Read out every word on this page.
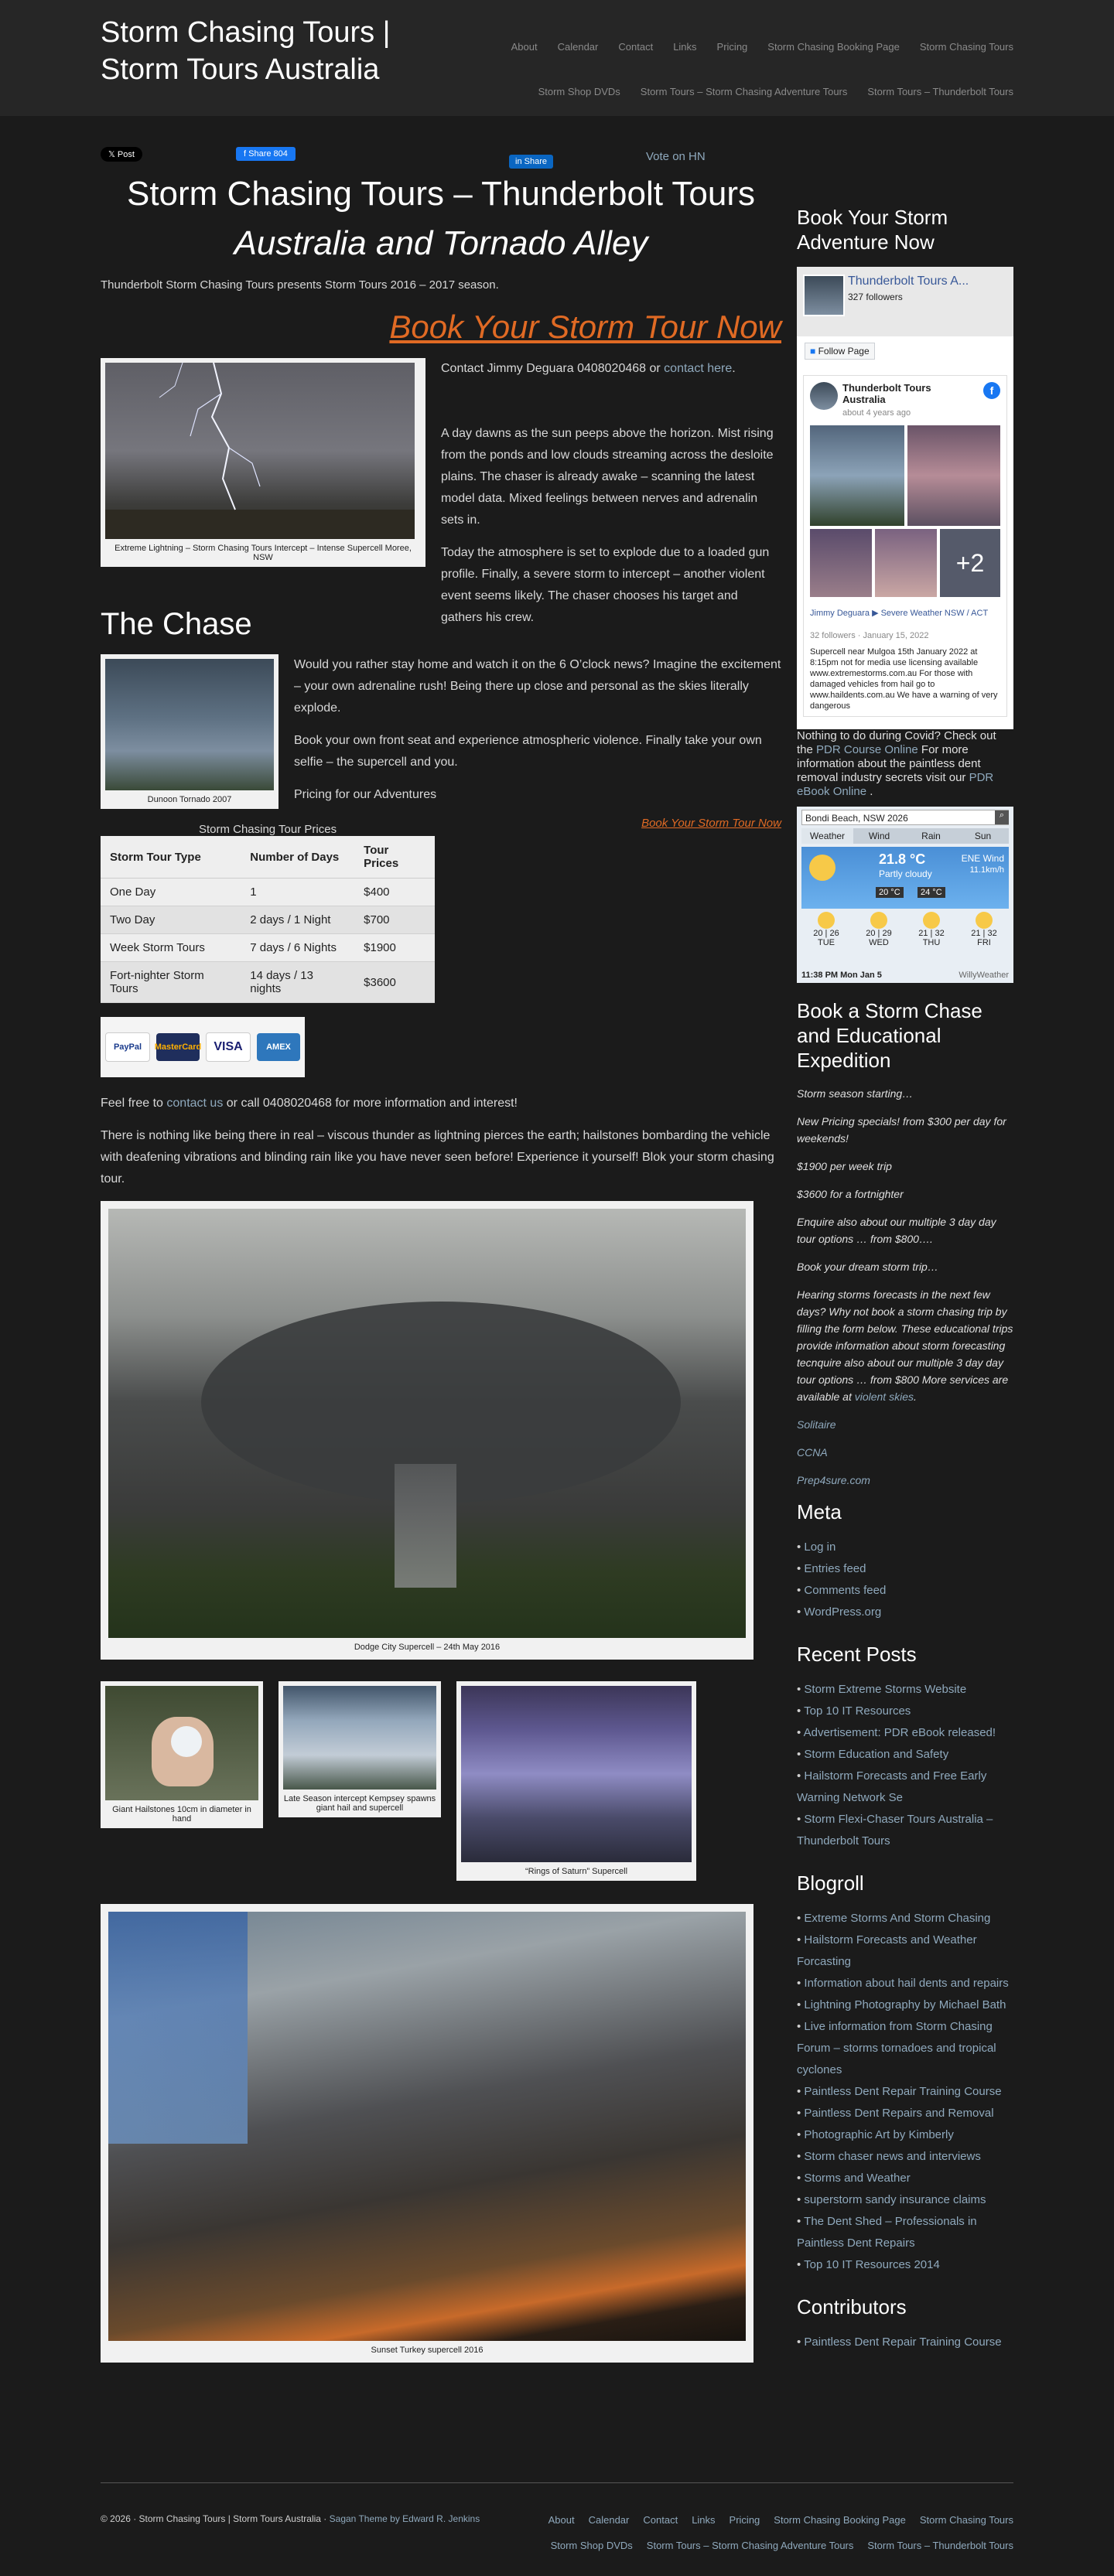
Storm Chasing Tours | Storm Tours Australia
About Calendar Contact Links Pricing Storm Chasing Booking Page Storm Chasing Tours
Storm Shop DVDs Storm Tours – Storm Chasing Adventure Tours Storm Tours – Thunderbolt Tours
𝕏 Post	f Share 804
in Share	Vote on HN
Storm Chasing Tours – Thunderbolt Tours
Australia and Tornado Alley

Thunderbolt Storm Chasing Tours presents Storm Tours 2016 – 2017 season.

Book Your Storm Tour Now
Extreme Lightning – Storm Chasing Tours Intercept – Intense Supercell Moree, NSW

Contact Jimmy Deguara 0408020468 or contact here.

A day dawns as the sun peeps above the horizon. Mist rising from the ponds and low clouds streaming across the desloite plains. The chaser is already awake – scanning the latest model data. Mixed feelings between nerves and adrenalin sets in.

Today the atmosphere is set to explode due to a loaded gun profile. Finally, a severe storm to intercept – another violent event seems likely. The chaser chooses his target and gathers his crew.

The Chase
Dunoon Tornado 2007

Would you rather stay home and watch it on the 6 O’clock news? Imagine the excitement – your own adrenaline rush! Being there up close and personal as the skies literally explode.

Book your own front seat and experience atmospheric violence. Finally take your own selfie – the supercell and you.

Pricing for our Adventures

Book Your Storm Tour Now
Storm Chasing Tour Prices
Storm Tour Type	Number of Days	Tour Prices
One Day	1	$400
Two Day	2 days / 1 Night	$700
Week Storm Tours	7 days / 6 Nights	$1900
Fort-nighter Storm Tours	14 days / 13 nights	$3600
PayPal	MasterCard	VISA	AMEX

Feel free to contact us or call 0408020468 for more information and interest!

There is nothing like being there in real – viscous thunder as lightning pierces the earth; hailstones bombarding the vehicle with deafening vibrations and blinding rain like you have never seen before! Experience it yourself! Blok your storm chasing tour.

Dodge City Supercell – 24th May 2016
Giant Hailstones 10cm in diameter in hand
Late Season intercept Kempsey spawns giant hail and supercell
“Rings of Saturn” Supercell
Sunset Turkey supercell 2016
Book Your Storm Adventure Now
Thunderbolt Tours A...
327 followers
■ Follow Page
Thunderbolt Tours Australia
about 4 years ago
f
+2
Jimmy Deguara ▶ Severe Weather NSW / ACT
32 followers · January 15, 2022
Supercell near Mulgoa 15th January 2022 at 8:15pm not for media use licensing available www.extremestorms.com.au For those with damaged vehicles from hail go to www.haildents.com.au We have a warning of very dangerous

Nothing to do during Covid? Check out the PDR Course Online For more information about the paintless dent removal industry secrets visit our PDR eBook Online .

Bondi Beach, NSW 2026	⌕
Weather	Wind	Rain	Sun
21.8 °C
Partly cloudy
ENE Wind
11.1km/h
20 °C	24 °C
20 | 26
TUE
20 | 29
WED
21 | 32
THU
21 | 32
FRI
11:38 PM Mon Jan 5	WillyWeather
Book a Storm Chase and Educational Expedition

Storm season starting…

New Pricing specials! from $300 per day for weekends!

$1900 per week trip

$3600 for a fortnighter

Enquire also about our multiple 3 day day tour options … from $800….

Book your dream storm trip…

Hearing storms forecasts in the next few days? Why not book a storm chasing trip by filling the form below. These educational trips provide information about storm forecasting tecnquire also about our multiple 3 day day tour options … from $800 More services are available at violent skies.

Solitaire

CCNA

Prep4sure.com

Meta
• Log in
• Entries feed
• Comments feed
• WordPress.org
Recent Posts
• Storm Extreme Storms Website
• Top 10 IT Resources
• Advertisement: PDR eBook released!
• Storm Education and Safety
• Hailstorm Forecasts and Free Early Warning Network Se
• Storm Flexi-Chaser Tours Australia – Thunderbolt Tours
Blogroll
• Extreme Storms And Storm Chasing
• Hailstorm Forecasts and Weather Forcasting
• Information about hail dents and repairs
• Lightning Photography by Michael Bath
• Live information from Storm Chasing Forum – storms tornadoes and tropical cyclones
• Paintless Dent Repair Training Course
• Paintless Dent Repairs and Removal
• Photographic Art by Kimberly
• Storm chaser news and interviews
• Storms and Weather
• superstorm sandy insurance claims
• The Dent Shed – Professionals in Paintless Dent Repairs
• Top 10 IT Resources 2014
Contributors
• Paintless Dent Repair Training Course
© 2026 · Storm Chasing Tours | Storm Tours Australia · Sagan Theme by Edward R. Jenkins	About Calendar Contact Links Pricing Storm Chasing Booking Page Storm Chasing Tours
Storm Shop DVDs Storm Tours – Storm Chasing Adventure Tours Storm Tours – Thunderbolt Tours
